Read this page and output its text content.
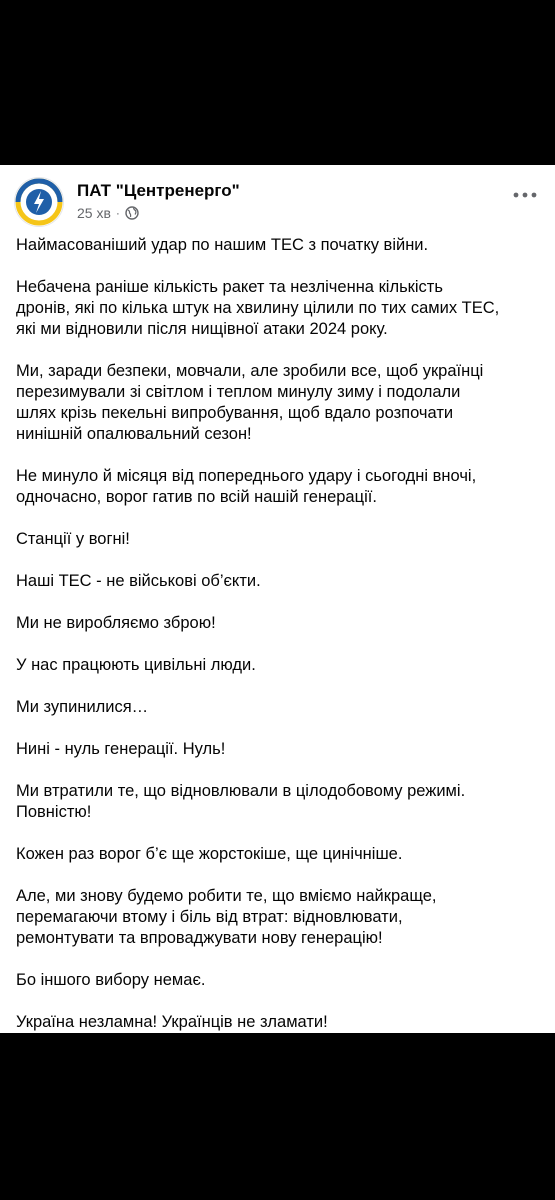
ПАТ "Центренерго"
25 хв ·

Наймасованіший удар по нашим ТЕС з початку війни.

Небачена раніше кількість ракет та незліченна кількість
дронів, які по кілька штук на хвилину цілили по тих самих ТЕС,
які ми відновили після нищівної атаки 2024 року.

Ми, заради безпеки, мовчали, але зробили все, щоб українці
перезимували зі світлом і теплом минулу зиму і подолали
шлях крізь пекельні випробування, щоб вдало розпочати
нинішній опалювальний сезон!

Не минуло й місяця від попереднього удару і сьогодні вночі,
одночасно, ворог гатив по всій нашій генерації.

Станції у вогні!

Наші ТЕС - не військові об’єкти.

Ми не виробляємо зброю!

У нас працюють цивільні люди.

Ми зупинилися…

Нині - нуль генерації. Нуль!

Ми втратили те, що відновлювали в цілодобовому режимі.
Повністю!

Кожен раз ворог б’є ще жорстокіше, ще цинічніше.

Але, ми знову будемо робити те, що вміємо найкраще,
перемагаючи втому і біль від втрат: відновлювати,
ремонтувати та впроваджувати нову генерацію!

Бо іншого вибору немає.

Україна незламна! Українців не зламати!
